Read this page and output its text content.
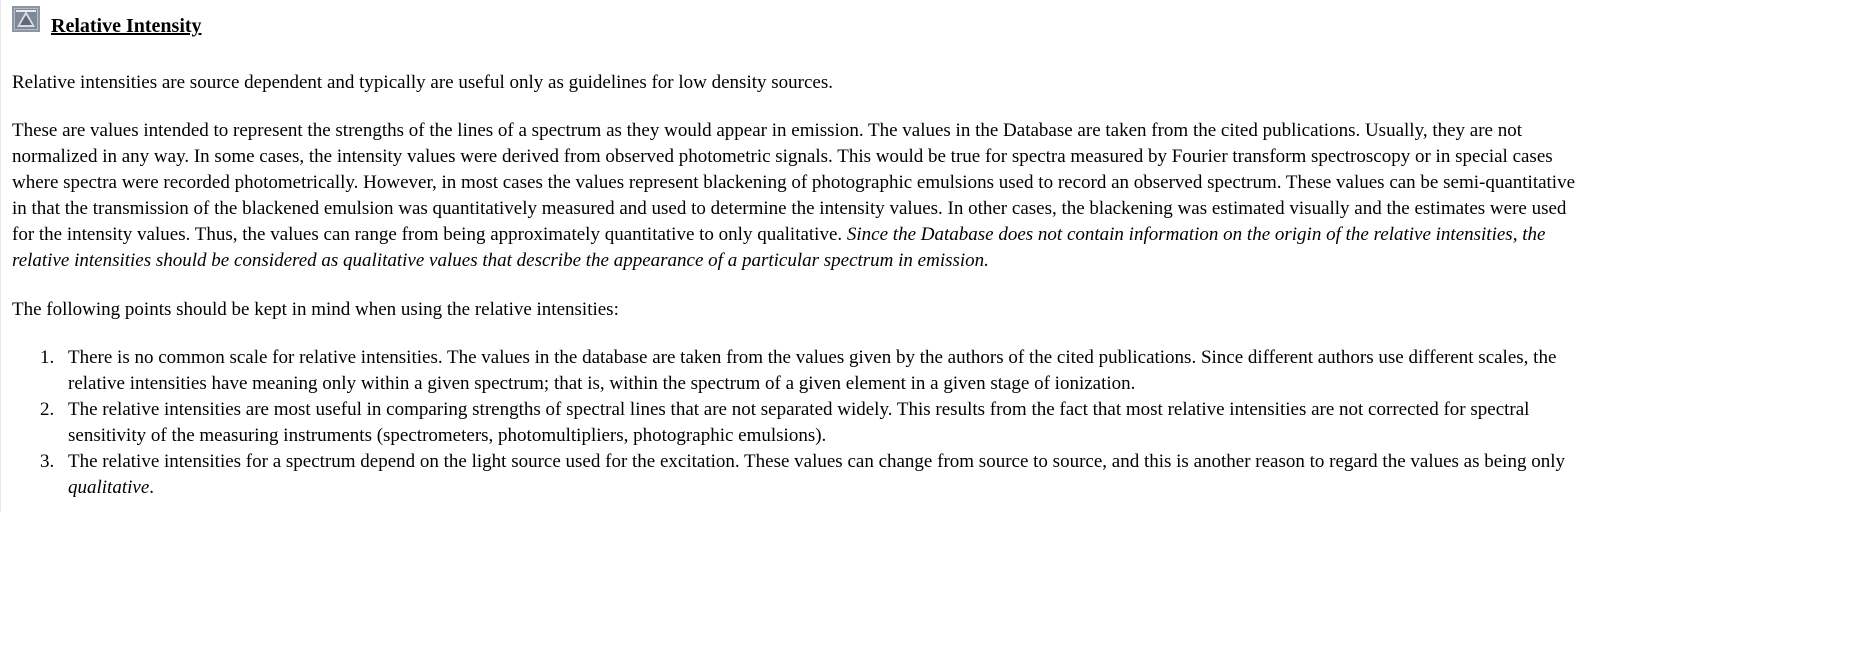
Relative Intensity

Relative intensities are source dependent and typically are useful only as guidelines for low density sources.

These are values intended to represent the strengths of the lines of a spectrum as they would appear in emission. The values in the Database are taken from the cited publications. Usually, they are not
normalized in any way. In some cases, the intensity values were derived from observed photometric signals. This would be true for spectra measured by Fourier transform spectroscopy or in special cases
where spectra were recorded photometrically. However, in most cases the values represent blackening of photographic emulsions used to record an observed spectrum. These values can be semi-quantitative
in that the transmission of the blackened emulsion was quantitatively measured and used to determine the intensity values. In other cases, the blackening was estimated visually and the estimates were used
for the intensity values. Thus, the values can range from being approximately quantitative to only qualitative. Since the Database does not contain information on the origin of the relative intensities, the
relative intensities should be considered as qualitative values that describe the appearance of a particular spectrum in emission.

The following points should be kept in mind when using the relative intensities:

1. There is no common scale for relative intensities. The values in the database are taken from the values given by the authors of the cited publications. Since different authors use different scales, the
relative intensities have meaning only within a given spectrum; that is, within the spectrum of a given element in a given stage of ionization.
2. The relative intensities are most useful in comparing strengths of spectral lines that are not separated widely. This results from the fact that most relative intensities are not corrected for spectral
sensitivity of the measuring instruments (spectrometers, photomultipliers, photographic emulsions).
3. The relative intensities for a spectrum depend on the light source used for the excitation. These values can change from source to source, and this is another reason to regard the values as being only
qualitative.
